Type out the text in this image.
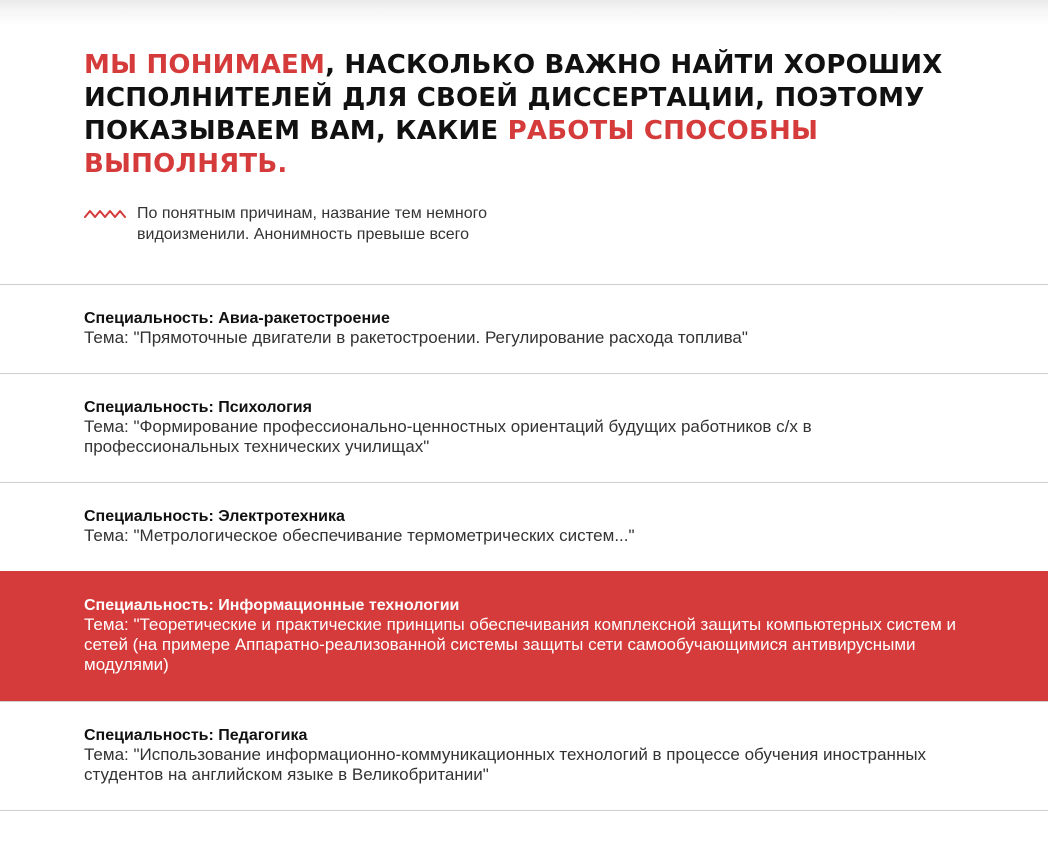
МЫ ПОНИМАЕМ, НАСКОЛЬКО ВАЖНО НАЙТИ ХОРОШИХ ИСПОЛНИТЕЛЕЙ ДЛЯ СВОЕЙ ДИССЕРТАЦИИ, ПОЭТОМУ ПОКАЗЫВАЕМ ВАМ, КАКИЕ РАБОТЫ СПОСОБНЫ ВЫПОЛНЯТЬ.
По понятным причинам, название тем немного видоизменили. Анонимность превыше всего
Специальность: Авиа-ракетостроение
Тема: "Прямоточные двигатели в ракетостроении. Регулирование расхода топлива"
Специальность: Психология
Тема: "Формирование профессионально-ценностных ориентаций будущих работников с/х в профессиональных технических училищах"
Специальность: Электротехника
Тема: "Метрологическое обеспечивание термометрических систем..."
Специальность: Информационные технологии
Тема: "Теоретические и практические принципы обеспечивания комплексной защиты компьютерных систем и сетей (на примере Аппаратно-реализованной системы защиты сети самообучающимися антивирусными модулями)
Специальность: Педагогика
Тема: "Использование информационно-коммуникационных технологий в процессе обучения иностранных студентов на английском языке в Великобритании"
